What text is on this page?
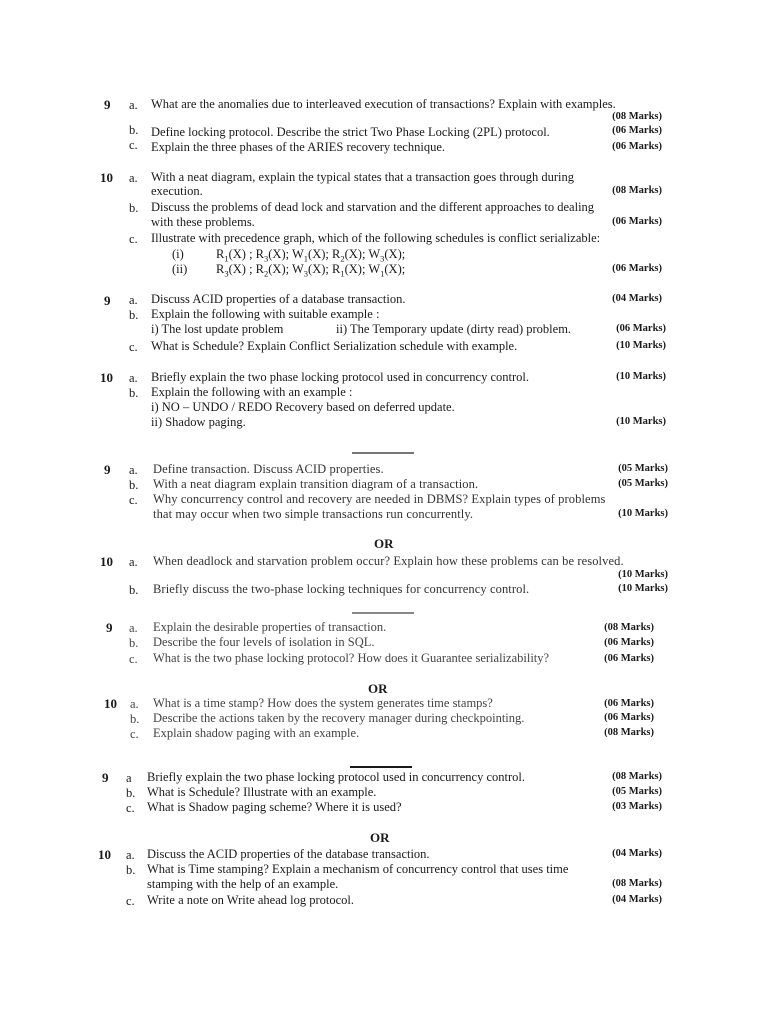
9 a. What are the anomalies due to interleaved execution of transactions? Explain with examples.
(08 Marks)
b. Define locking protocol. Describe the strict Two Phase Locking (2PL) protocol.	(06 Marks)
c. Explain the three phases of the ARIES recovery technique.	(06 Marks)
10 a. With a neat diagram, explain the typical states that a transaction goes through during
execution.	(08 Marks)
b. Discuss the problems of dead lock and starvation and the different approaches to dealing
with these problems.	(06 Marks)
c. Illustrate with precedence graph, which of the following schedules is conflict serializable:
(i)	$R_1(X)$ ; $R_3(X)$; $W_1(X)$; $R_2(X)$; $W_3(X)$;
(ii) $R_3(X)$ ; $R_2(X)$; $W_3(X)$; $R_1(X)$; $W_1(X)$;	(06 Marks)
9 a. Discuss ACID properties of a database transaction.	(04 Marks)
b. Explain the following with suitable example :
i) The lost update problem	ii) The Temporary update (dirty read) problem.	(06 Marks)
c. What is Schedule? Explain Conflict Serialization schedule with example.	(10 Marks)
10 a. Briefly explain the two phase locking protocol used in concurrency control.	(10 Marks)
b. Explain the following with an example :
i) NO – UNDO / REDO Recovery based on deferred update.
ii) Shadow paging.	(10 Marks)
9 a. Define transaction. Discuss ACID properties.	(05 Marks)
b. With a neat diagram explain transition diagram of a transaction.	(05 Marks)
c. Why concurrency control and recovery are needed in DBMS? Explain types of problems
that may occur when two simple transactions run concurrently.	(10 Marks)
OR
10 a. When deadlock and starvation problem occur? Explain how these problems can be resolved.
(10 Marks)
b. Briefly discuss the two-phase locking techniques for concurrency control.	(10 Marks)
9 a. Explain the desirable properties of transaction.	(08 Marks)
b. Describe the four levels of isolation in SQL.	(06 Marks)
c. What is the two phase locking protocol? How does it Guarantee serializability?	(06 Marks)
OR
10 a. What is a time stamp? How does the system generates time stamps?	(06 Marks)
b. Describe the actions taken by the recovery manager during checkpointing.	(06 Marks)
c. Explain shadow paging with an example.	(08 Marks)
9 a Briefly explain the two phase locking protocol used in concurrency control.	(08 Marks)
b. What is Schedule? Illustrate with an example.	(05 Marks)
c. What is Shadow paging scheme? Where it is used?	(03 Marks)
OR
10 a. Discuss the ACID properties of the database transaction.	(04 Marks)
b. What is Time stamping? Explain a mechanism of concurrency control that uses time
stamping with the help of an example.	(08 Marks)
c. Write a note on Write ahead log protocol.	(04 Marks)
